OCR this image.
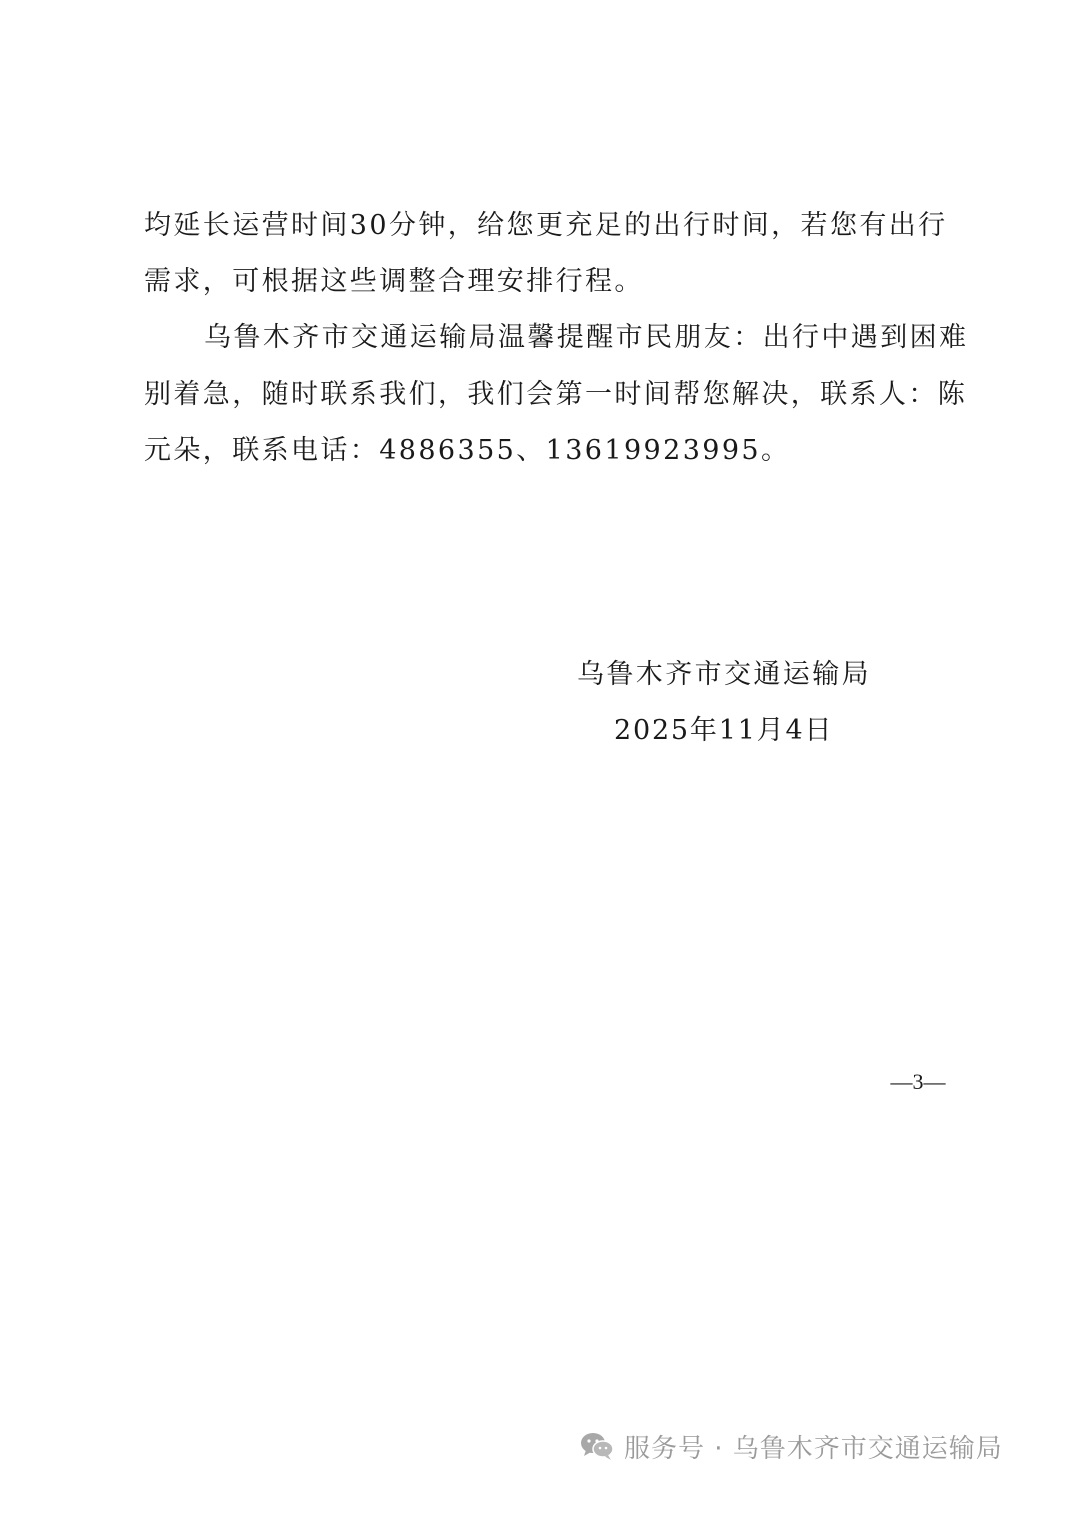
均延长运营时间30分钟，给您更充足的出行时间，若您有出行
需求，可根据这些调整合理安排行程。
乌鲁木齐市交通运输局温馨提醒市民朋友：出行中遇到困难
别着急，随时联系我们，我们会第一时间帮您解决，联系人：陈
元朵，联系电话：4886355、13619923995。
乌鲁木齐市交通运输局
2025年11月4日
—3—
服务号 · 乌鲁木齐市交通运输局
